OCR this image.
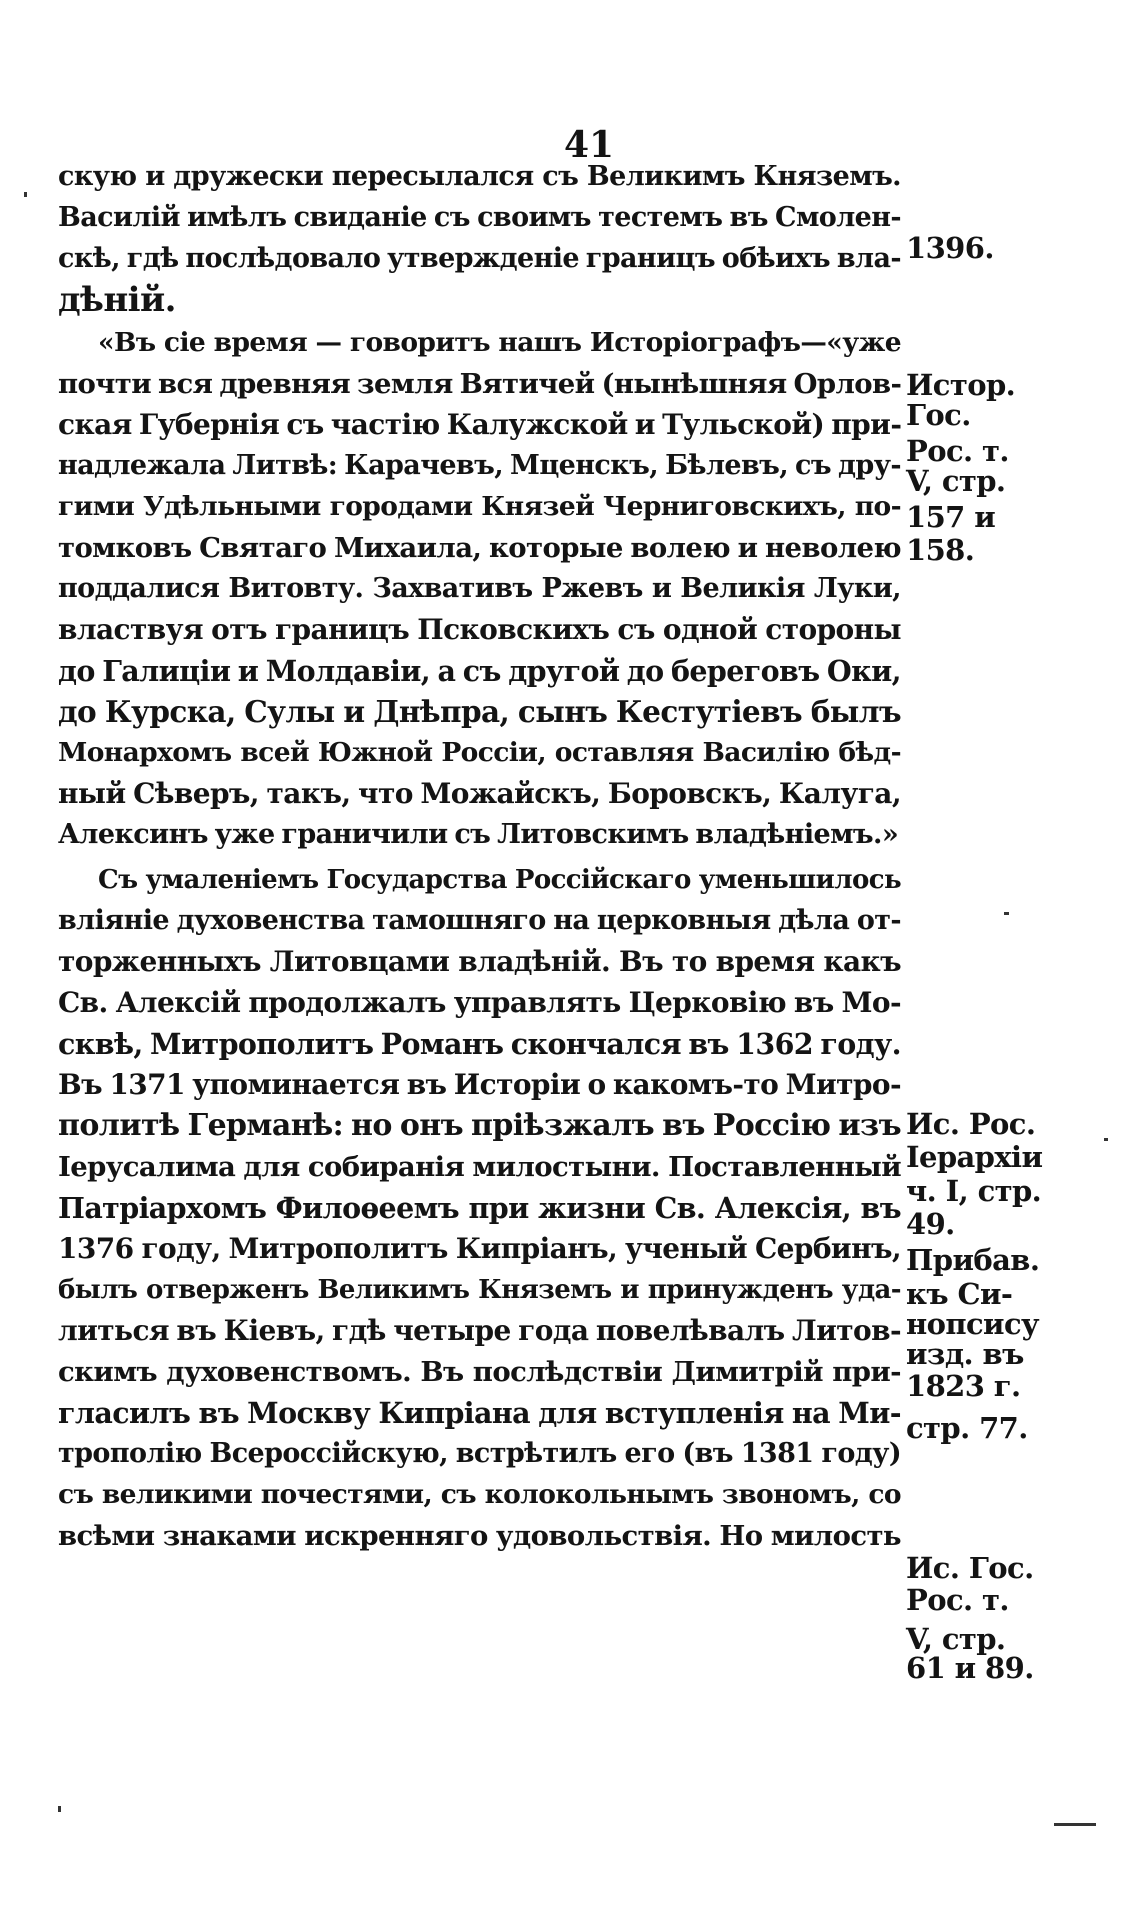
41
скую и дружески пересылался съ Великимъ Княземъ.
Василій имѣлъ свиданіе съ своимъ тестемъ въ Смолен-
скѣ, гдѣ послѣдовало утвержденіе границъ обѣихъ вла-
дѣній.
«Въ сіе время — говоритъ нашъ Исторіографъ—«уже
почти вся древняя земля Вятичей (нынѣшняя Орлов-
ская Губернія съ частію Калужской и Тульской) при-
надлежала Литвѣ: Карачевъ, Мценскъ, Бѣлевъ, съ дру-
гими Удѣльными городами Князей Черниговскихъ, по-
томковъ Святаго Михаила, которые волею и неволею
поддалися Витовту. Захвативъ Ржевъ и Великія Луки,
властвуя отъ границъ Псковскихъ съ одной стороны
до Галиціи и Молдавіи, а съ другой до береговъ Оки,
до Курска, Сулы и Днѣпра, сынъ Кестутіевъ былъ
Монархомъ всей Южной Россіи, оставляя Василію бѣд-
ный Сѣверъ, такъ, что Можайскъ, Боровскъ, Калуга,
Алексинъ уже граничили съ Литовскимъ владѣніемъ.»
Съ умаленіемъ Государства Россійскаго уменьшилось
вліяніе духовенства тамошняго на церковныя дѣла от-
торженныхъ Литовцами владѣній. Въ то время какъ
Св. Алексій продолжалъ управлять Церковію въ Мо-
сквѣ, Митрополитъ Романъ скончался въ 1362 году.
Въ 1371 упоминается въ Исторіи о какомъ-то Митро-
политѣ Германѣ: но онъ пріѣзжалъ въ Россію изъ
Іерусалима для собиранія милостыни. Поставленный
Патріархомъ Филоѳеемъ при жизни Св. Алексія, въ
1376 году, Митрополитъ Кипріанъ, ученый Сербинъ,
былъ отверженъ Великимъ Княземъ и принужденъ уда-
литься въ Кіевъ, гдѣ четыре года повелѣвалъ Литов-
скимъ духовенствомъ. Въ послѣдствіи Димитрій при-
гласилъ въ Москву Кипріана для вступленія на Ми-
трополію Всероссійскую, встрѣтилъ его (въ 1381 году)
съ великими почестями, съ колокольнымъ звономъ, со
всѣми знаками искренняго удовольствія. Но милость
1396.
Истор.
Гос.
Рос. т.
V, стр.
157 и
158.
Ис. Рос.
Іерархіи
ч. I, стр.
49.
Прибав.
къ Си-
нопсису
изд. въ
1823 г.
стр. 77.
Ис. Гос.
Рос. т.
V, стр.
61 и 89.
